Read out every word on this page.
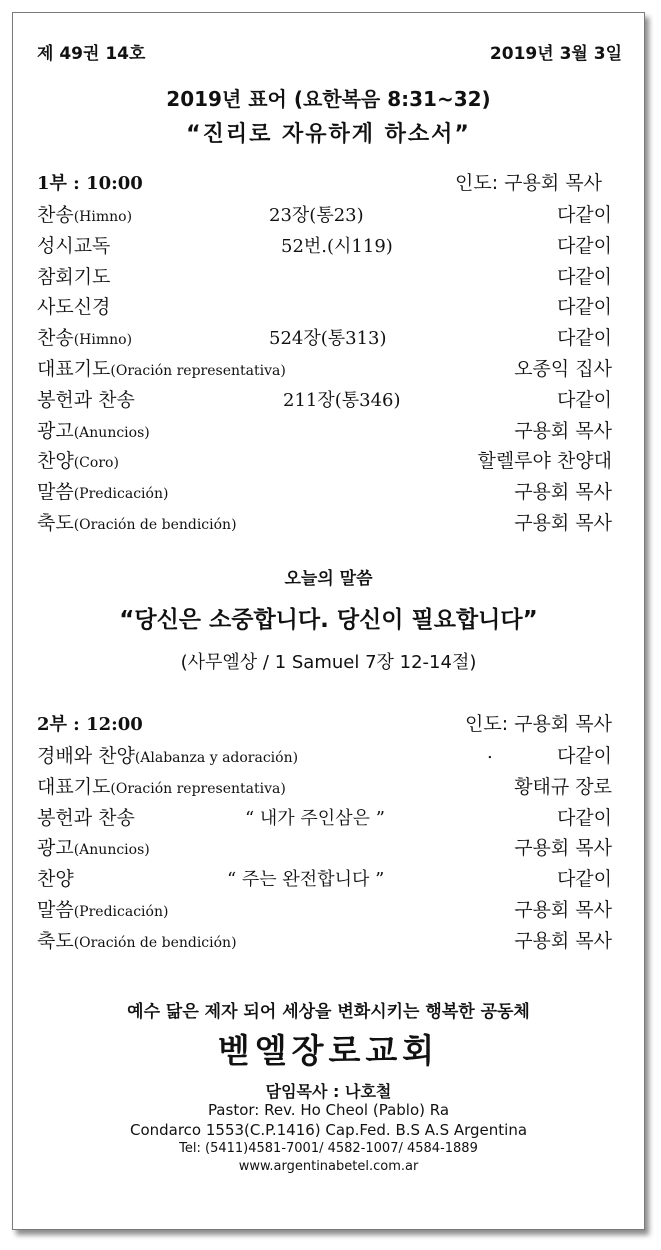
제 49권 14호	2019년 3월 3일
2019년 표어 (요한복음 8:31~32)
“진리로 자유하게 하소서”
1부 : 10:00	인도: 구용회 목사
찬송(Himno)	23장(통23)	다같이
성시교독	52번.(시119)	다같이
참회기도	다같이
사도신경	다같이
찬송(Himno)	524장(통313)	다같이
대표기도(Oración representativa)	오종익 집사
봉헌과 찬송	211장(통346)	다같이
광고(Anuncios)	구용회 목사
찬양(Coro)	할렐루야 찬양대
말씀(Predicación)	구용회 목사
축도(Oración de bendición)	구용회 목사
오늘의 말씀
“당신은 소중합니다. 당신이 필요합니다”
(사무엘상 / 1 Samuel 7장 12-14절)
2부 : 12:00	인도: 구용회 목사
경배와 찬양(Alabanza y adoración)	.	다같이
대표기도(Oración representativa)	황태규 장로
봉헌과 찬송	“ 내가 주인삼은 ”	다같이
광고(Anuncios)	구용회 목사
찬양	“ 주는 완전합니다 ”	다같이
말씀(Predicación)	구용회 목사
축도(Oración de bendición)	구용회 목사
예수 닮은 제자 되어 세상을 변화시키는 행복한 공동체
벧엘장로교회
담임목사 : 나호철
Pastor: Rev. Ho Cheol (Pablo) Ra
Condarco 1553(C.P.1416) Cap.Fed. B.S A.S Argentina
Tel: (5411)4581-7001/ 4582-1007/ 4584-1889
www.argentinabetel.com.ar
